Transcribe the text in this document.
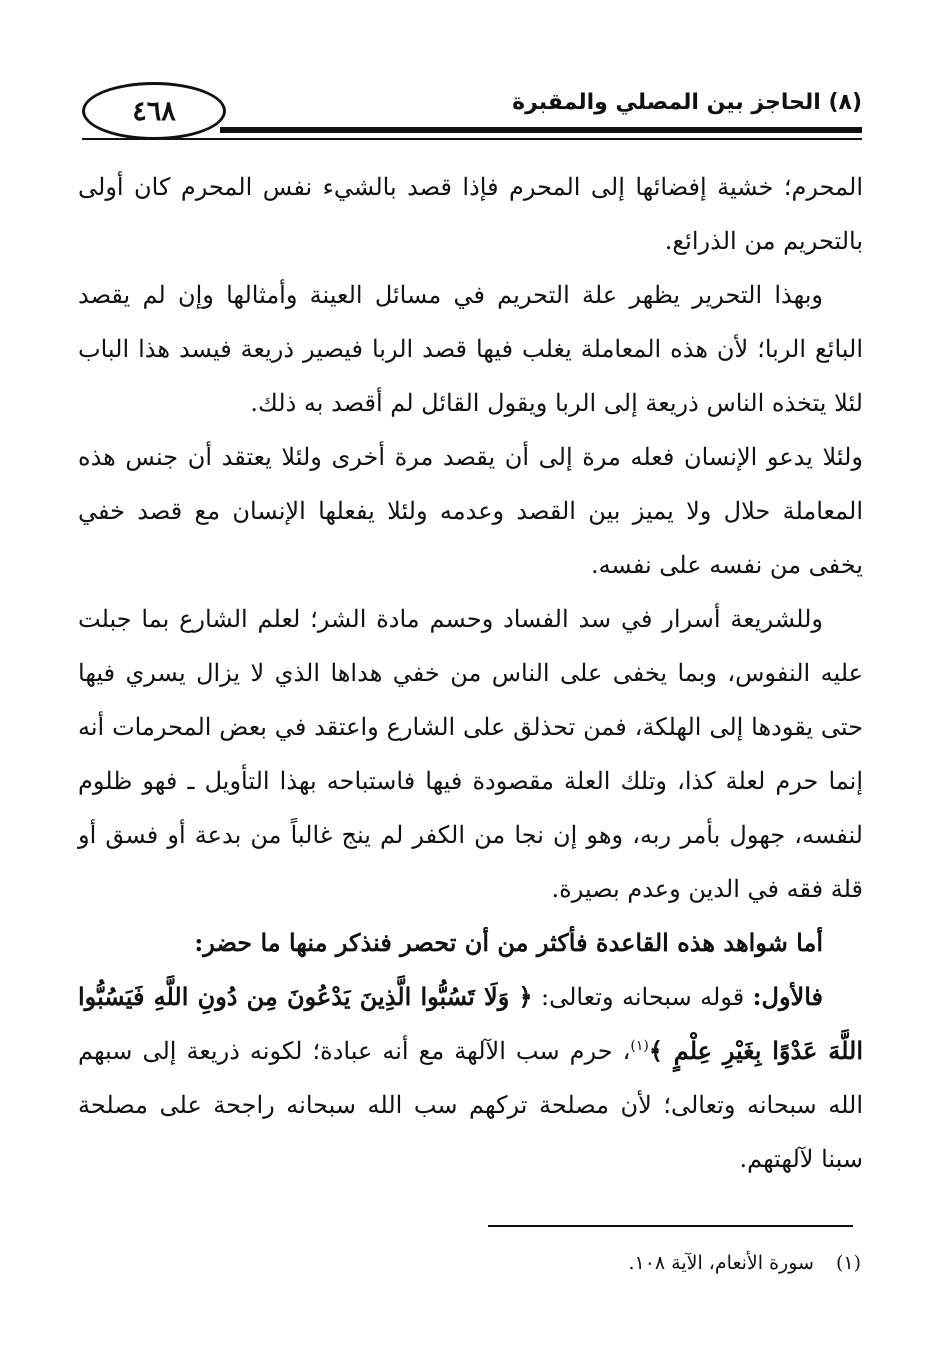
٤٦٨	(٨) الحاجز بين المصلي والمقبرة

المحرم؛ خشية إفضائها إلى المحرم فإذا قصد بالشيء نفس المحرم كان أولى بالتحريم من الذرائع.

وبهذا التحرير يظهر علة التحريم في مسائل العينة وأمثالها وإن لم يقصد البائع الربا؛ لأن هذه المعاملة يغلب فيها قصد الربا فيصير ذريعة فيسد هذا الباب لئلا يتخذه الناس ذريعة إلى الربا ويقول القائل لم أقصد به ذلك.

ولئلا يدعو الإنسان فعله مرة إلى أن يقصد مرة أخرى ولئلا يعتقد أن جنس هذه المعاملة حلال ولا يميز بين القصد وعدمه ولئلا يفعلها الإنسان مع قصد خفي يخفى من نفسه على نفسه.

وللشريعة أسرار في سد الفساد وحسم مادة الشر؛ لعلم الشارع بما جبلت عليه النفوس، وبما يخفى على الناس من خفي هداها الذي لا يزال يسري فيها حتى يقودها إلى الهلكة، فمن تحذلق على الشارع واعتقد في بعض المحرمات أنه إنما حرم لعلة كذا، وتلك العلة مقصودة فيها فاستباحه بهذا التأويل ـ فهو ظلوم لنفسه، جهول بأمر ربه، وهو إن نجا من الكفر لم ينج غالباً من بدعة أو فسق أو قلة فقه في الدين وعدم بصيرة.

أما شواهد هذه القاعدة فأكثر من أن تحصر فنذكر منها ما حضر:

فالأول: قوله سبحانه وتعالى: ﴿ وَلَا تَسُبُّوا الَّذِينَ يَدْعُونَ مِن دُونِ اللَّهِ فَيَسُبُّوا اللَّهَ عَدْوًا بِغَيْرِ عِلْمٍ ﴾$^{(١)}$، حرم سب الآلهة مع أنه عبادة؛ لكونه ذريعة إلى سبهم الله سبحانه وتعالى؛ لأن مصلحة تركهم سب الله سبحانه راجحة على مصلحة سبنا لآلهتهم.

(١)سورة الأنعام، الآية ١٠٨.
